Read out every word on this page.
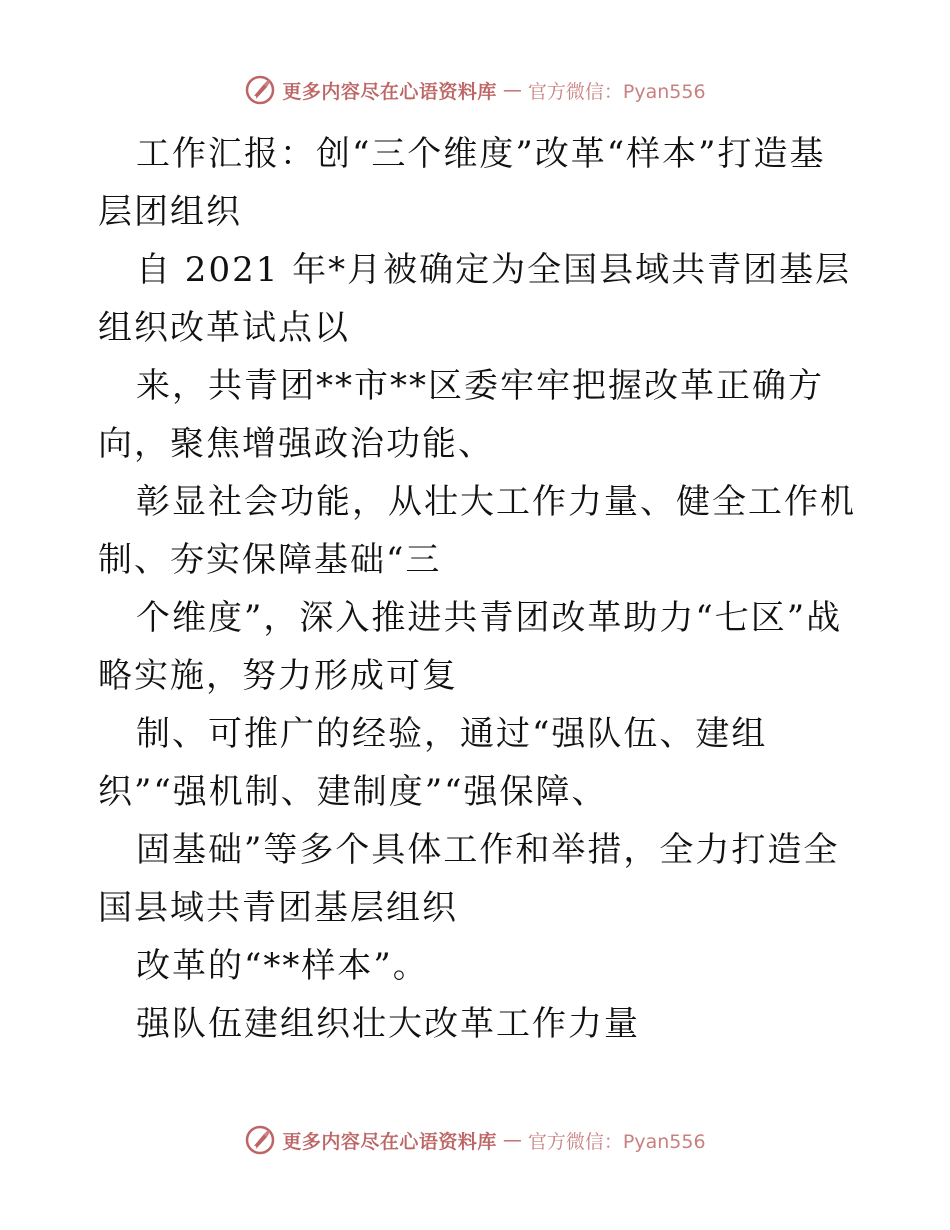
更多内容尽在心语资料库 — 官方微信：Pyan556

工作汇报：创“三个维度”改革“样本”打造基层团组织

自 2021 年*月被确定为全国县域共青团基层组织改革试点以

来，共青团**市**区委牢牢把握改革正确方向，聚焦增强政治功能、

彰显社会功能，从壮大工作力量、健全工作机制、夯实保障基础“三

个维度”，深入推进共青团改革助力“七区”战略实施，努力形成可复

制、可推广的经验，通过“强队伍、建组织”“强机制、建制度”“强保障、

固基础”等多个具体工作和举措，全力打造全国县域共青团基层组织

改革的“**样本”。

强队伍建组织壮大改革工作力量

更多内容尽在心语资料库 — 官方微信：Pyan556
